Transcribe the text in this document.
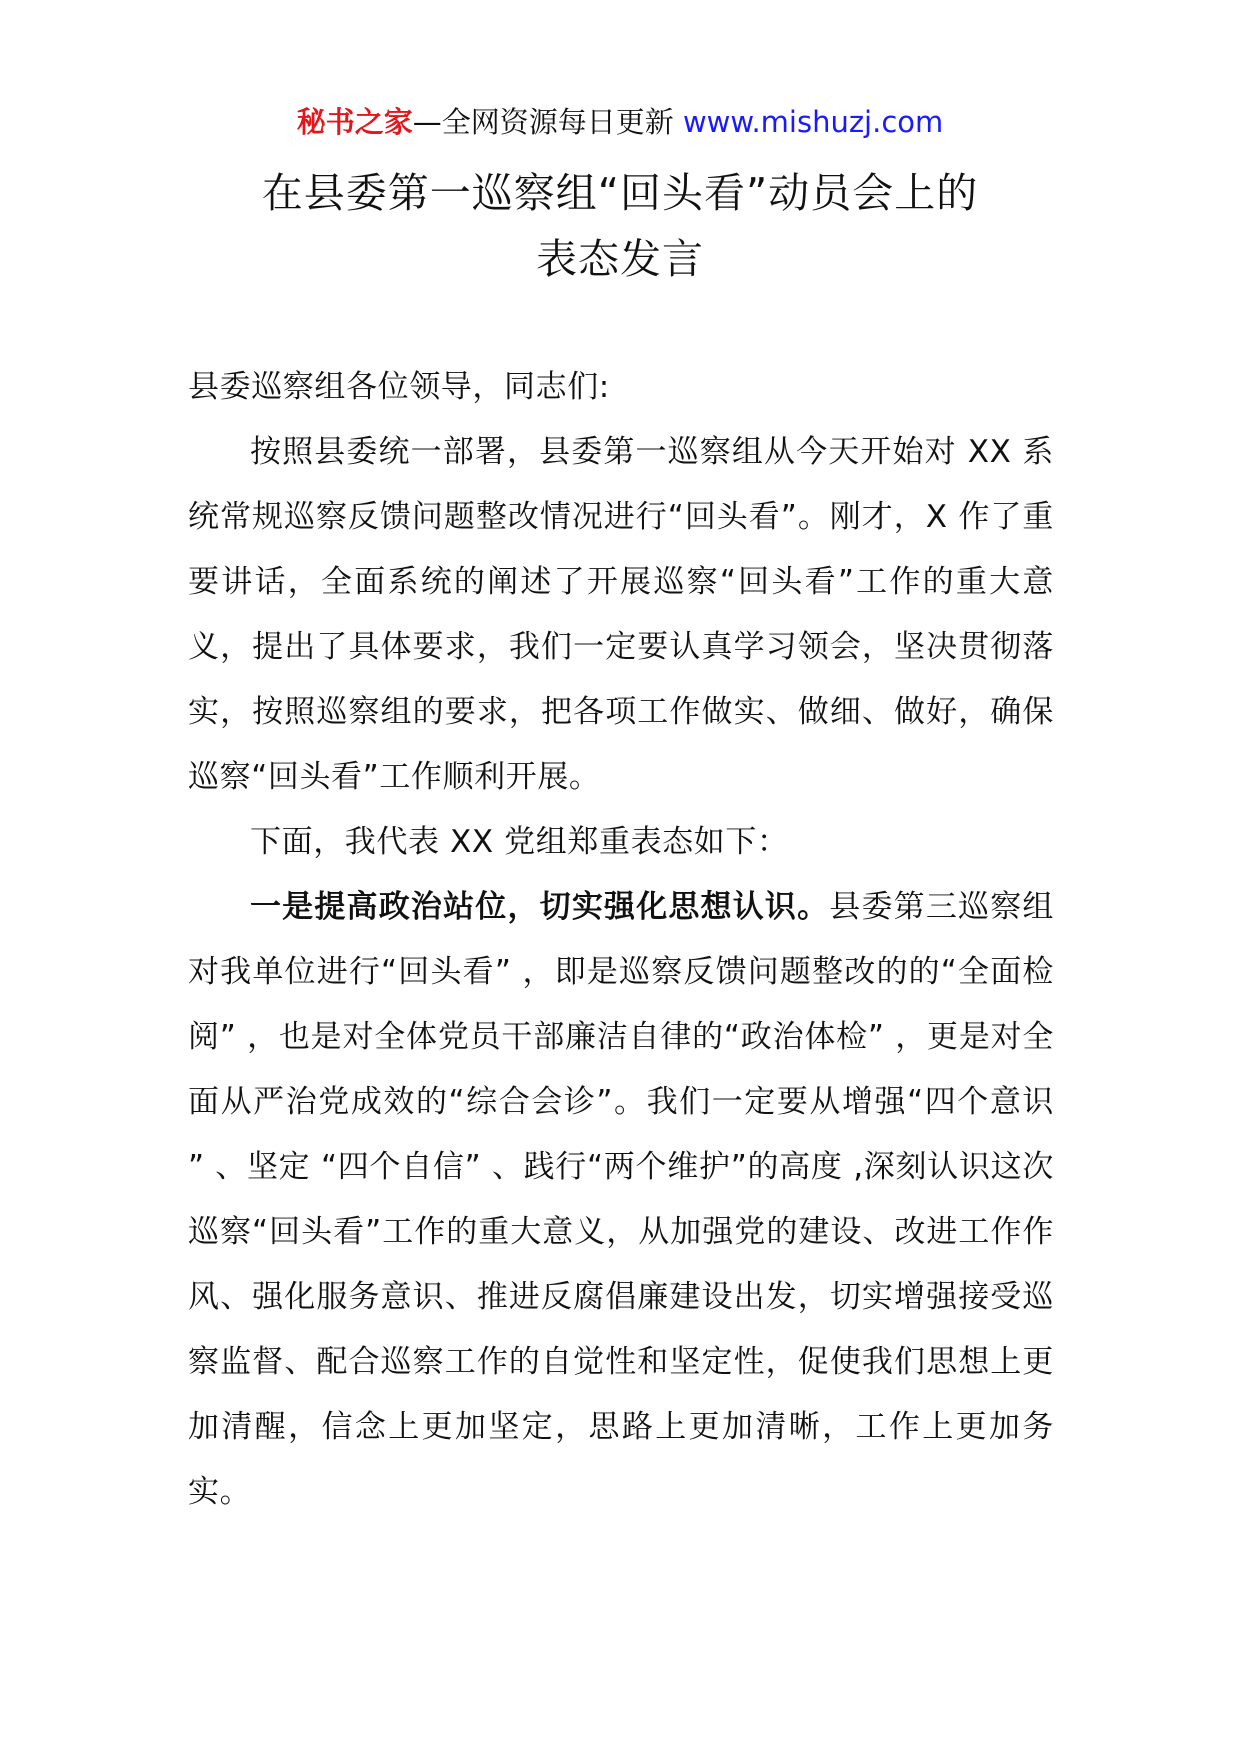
秘书之家—全网资源每日更新 www.mishuzj.com
在县委第一巡察组“回头看”动员会上的
表态发言

县委巡察组各位领导，同志们:

按照县委统一部署，县委第一巡察组从今天开始对 XX 系统常规巡察反馈问题整改情况进行“回头看”。刚才，X 作了重要讲话，全面系统的阐述了开展巡察“回头看”工作的重大意义，提出了具体要求，我们一定要认真学习领会，坚决贯彻落实，按照巡察组的要求，把各项工作做实、做细、做好，确保巡察“回头看”工作顺利开展。

下面，我代表 XX 党组郑重表态如下：

一是提高政治站位，切实强化思想认识。县委第三巡察组对我单位进行“回头看” ，即是巡察反馈问题整改的的“全面检阅” ，也是对全体党员干部廉洁自律的“政治体检” ，更是对全面从严治党成效的“综合会诊”。我们一定要从增强“四个意识 ” 、坚定 “四个自信” 、践行“两个维护”的高度 ,深刻认识这次巡察“回头看”工作的重大意义，从加强党的建设、改进工作作风、强化服务意识、推进反腐倡廉建设出发，切实增强接受巡察监督、配合巡察工作的自觉性和坚定性，促使我们思想上更加清醒，信念上更加坚定，思路上更加清晰，工作上更加务实。
